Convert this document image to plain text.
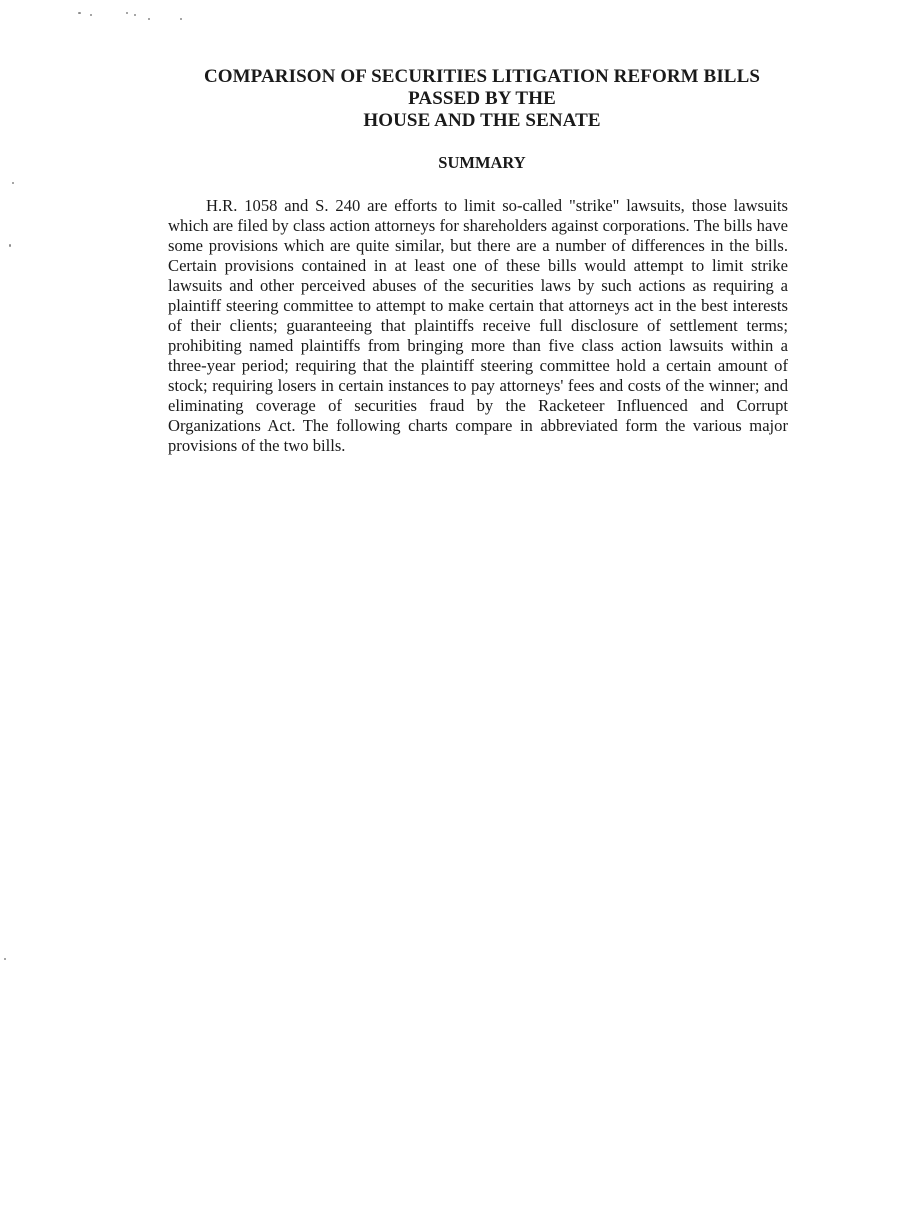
COMPARISON OF SECURITIES LITIGATION REFORM BILLS
PASSED BY THE
HOUSE AND THE SENATE
SUMMARY

H.R. 1058 and S. 240 are efforts to limit so-called "strike" lawsuits, those lawsuits which are filed by class action attorneys for shareholders against corporations. The bills have some provisions which are quite similar, but there are a number of differences in the bills. Certain provisions contained in at least one of these bills would attempt to limit strike lawsuits and other perceived abuses of the securities laws by such actions as requiring a plaintiff steering committee to attempt to make certain that attorneys act in the best interests of their clients; guaranteeing that plaintiffs receive full disclosure of settlement terms; prohibiting named plaintiffs from bringing more than five class action lawsuits within a three-year period; requiring that the plaintiff steering committee hold a certain amount of stock; requiring losers in certain instances to pay attorneys' fees and costs of the winner; and eliminating coverage of securities fraud by the Racketeer Influenced and Corrupt Organizations Act. The following charts compare in abbreviated form the various major provisions of the two bills.
